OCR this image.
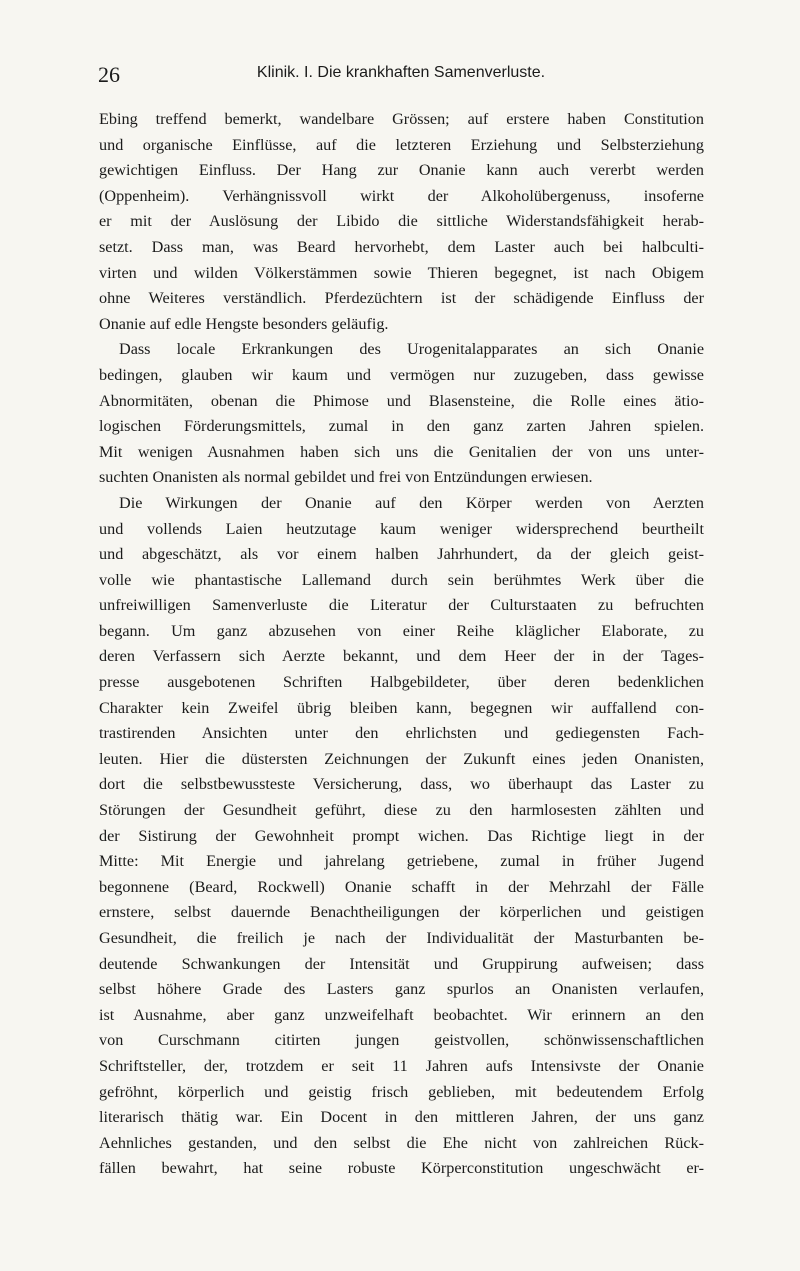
26	Klinik. I. Die krankhaften Samenverluste.
Ebing treffend bemerkt, wandelbare Grössen; auf erstere haben Constitution
und organische Einflüsse, auf die letzteren Erziehung und Selbsterziehung
gewichtigen Einfluss. Der Hang zur Onanie kann auch vererbt werden
(Oppenheim). Verhängnissvoll wirkt der Alkoholübergenuss, insoferne
er mit der Auslösung der Libido die sittliche Widerstandsfähigkeit herab-
setzt. Dass man, was Beard hervorhebt, dem Laster auch bei halbculti-
virten und wilden Völkerstämmen sowie Thieren begegnet, ist nach Obigem
ohne Weiteres verständlich. Pferdezüchtern ist der schädigende Einfluss der
Onanie auf edle Hengste besonders geläufig.
Dass locale Erkrankungen des Urogenitalapparates an sich Onanie
bedingen, glauben wir kaum und vermögen nur zuzugeben, dass gewisse
Abnormitäten, obenan die Phimose und Blasensteine, die Rolle eines ätio-
logischen Förderungsmittels, zumal in den ganz zarten Jahren spielen.
Mit wenigen Ausnahmen haben sich uns die Genitalien der von uns unter-
suchten Onanisten als normal gebildet und frei von Entzündungen erwiesen.
Die Wirkungen der Onanie auf den Körper werden von Aerzten
und vollends Laien heutzutage kaum weniger widersprechend beurtheilt
und abgeschätzt, als vor einem halben Jahrhundert, da der gleich geist-
volle wie phantastische Lallemand durch sein berühmtes Werk über die
unfreiwilligen Samenverluste die Literatur der Culturstaaten zu befruchten
begann. Um ganz abzusehen von einer Reihe kläglicher Elaborate, zu
deren Verfassern sich Aerzte bekannt, und dem Heer der in der Tages-
presse ausgebotenen Schriften Halbgebildeter, über deren bedenklichen
Charakter kein Zweifel übrig bleiben kann, begegnen wir auffallend con-
trastirenden Ansichten unter den ehrlichsten und gediegensten Fach-
leuten. Hier die düstersten Zeichnungen der Zukunft eines jeden Onanisten,
dort die selbstbewussteste Versicherung, dass, wo überhaupt das Laster zu
Störungen der Gesundheit geführt, diese zu den harmlosesten zählten und
der Sistirung der Gewohnheit prompt wichen. Das Richtige liegt in der
Mitte: Mit Energie und jahrelang getriebene, zumal in früher Jugend
begonnene (Beard, Rockwell) Onanie schafft in der Mehrzahl der Fälle
ernstere, selbst dauernde Benachtheiligungen der körperlichen und geistigen
Gesundheit, die freilich je nach der Individualität der Masturbanten be-
deutende Schwankungen der Intensität und Gruppirung aufweisen; dass
selbst höhere Grade des Lasters ganz spurlos an Onanisten verlaufen,
ist Ausnahme, aber ganz unzweifelhaft beobachtet. Wir erinnern an den
von Curschmann citirten jungen geistvollen, schönwissenschaftlichen
Schriftsteller, der, trotzdem er seit 11 Jahren aufs Intensivste der Onanie
gefröhnt, körperlich und geistig frisch geblieben, mit bedeutendem Erfolg
literarisch thätig war. Ein Docent in den mittleren Jahren, der uns ganz
Aehnliches gestanden, und den selbst die Ehe nicht von zahlreichen Rück-
fällen bewahrt, hat seine robuste Körperconstitution ungeschwächt er-
